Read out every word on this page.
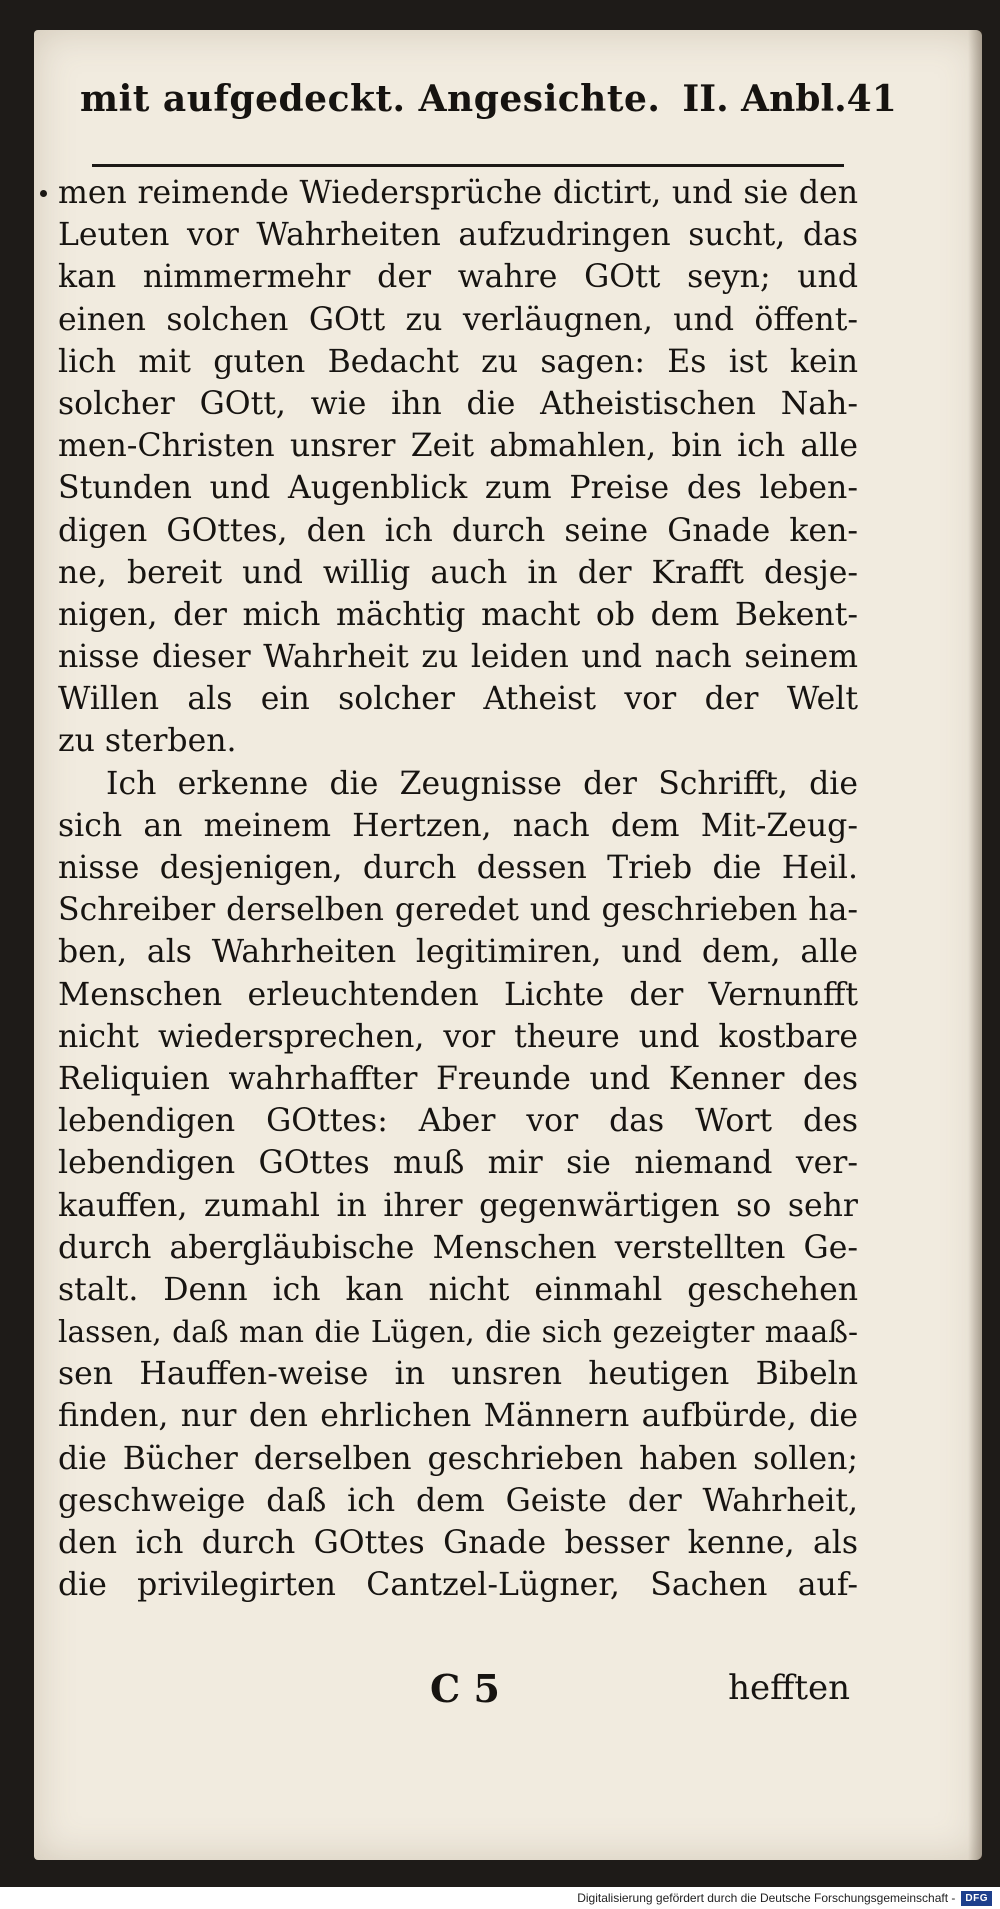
mit aufgedeckt. Angesichte. II. Anbl. 41
men reimende Wiedersprüche dictirt, und sie den
Leuten vor Wahrheiten aufzudringen sucht, das
kan nimmermehr der wahre GOtt seyn; und
einen solchen GOtt zu verläugnen, und öffent-
lich mit guten Bedacht zu sagen: Es ist kein
solcher GOtt, wie ihn die Atheistischen Nah-
men-Christen unsrer Zeit abmahlen, bin ich alle
Stunden und Augenblick zum Preise des leben-
digen GOttes, den ich durch seine Gnade ken-
ne, bereit und willig auch in der Krafft desje-
nigen, der mich mächtig macht ob dem Bekent-
nisse dieser Wahrheit zu leiden und nach seinem
Willen als ein solcher Atheist vor der Welt
zu sterben.
Ich erkenne die Zeugnisse der Schrifft, die
sich an meinem Hertzen, nach dem Mit-Zeug-
nisse desjenigen, durch dessen Trieb die Heil.
Schreiber derselben geredet und geschrieben ha-
ben, als Wahrheiten legitimiren, und dem, alle
Menschen erleuchtenden Lichte der Vernunfft
nicht wiedersprechen, vor theure und kostbare
Reliquien wahrhaffter Freunde und Kenner des
lebendigen GOttes: Aber vor das Wort des
lebendigen GOttes muß mir sie niemand ver-
kauffen, zumahl in ihrer gegenwärtigen so sehr
durch abergläubische Menschen verstellten Ge-
stalt. Denn ich kan nicht einmahl geschehen
lassen, daß man die Lügen, die sich gezeigter maaß-
sen Hauffen-weise in unsren heutigen Bibeln
finden, nur den ehrlichen Männern aufbürde, die
die Bücher derselben geschrieben haben sollen;
geschweige daß ich dem Geiste der Wahrheit,
den ich durch GOttes Gnade besser kenne, als
die privilegirten Cantzel-Lügner, Sachen auf-
C 5	hefften
Digitalisierung gefördert durch die Deutsche Forschungsgemeinschaft -	DFG
